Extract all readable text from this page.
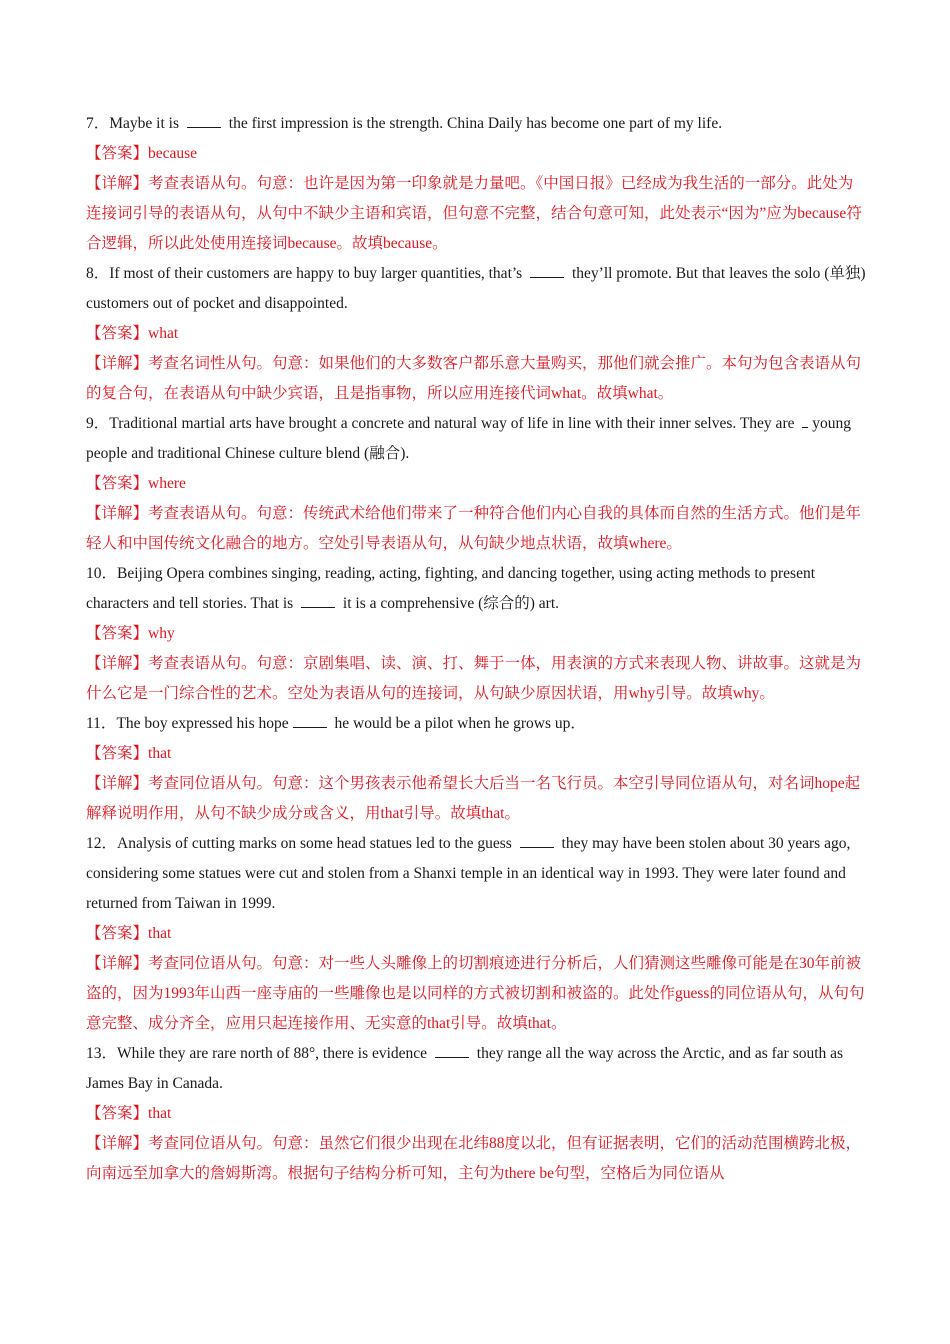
7．Maybe it is	the first impression is the strength. China Daily has become one part of my life.

【答案】because

【详解】考查表语从句。句意：也许是因为第一印象就是力量吧。《中国日报》已经成为我生活的一部分。此处为连接词引导的表语从句，从句中不缺少主语和宾语，但句意不完整，结合句意可知，此处表示“因为”应为because符合逻辑，所以此处使用连接词because。故填because。

8．If most of their customers are happy to buy larger quantities, that’s	they’ll promote. But that leaves the solo (单独) customers out of pocket and disappointed.

【答案】what

【详解】考查名词性从句。句意：如果他们的大多数客户都乐意大量购买，那他们就会推广。本句为包含表语从句的复合句，在表语从句中缺少宾语，且是指事物，所以应用连接代词what。故填what。

9．Traditional martial arts have brought a concrete and natural way of life in line with their inner selves. They are  young people and traditional Chinese culture blend (融合).

【答案】where

【详解】考查表语从句。句意：传统武术给他们带来了一种符合他们内心自我的具体而自然的生活方式。他们是年轻人和中国传统文化融合的地方。空处引导表语从句，从句缺少地点状语，故填where。

10．Beijing Opera combines singing, reading, acting, fighting, and dancing together, using acting methods to present characters and tell stories. That is	it is a comprehensive (综合的) art.

【答案】why

【详解】考查表语从句。句意：京剧集唱、读、演、打、舞于一体，用表演的方式来表现人物、讲故事。这就是为什么它是一门综合性的艺术。空处为表语从句的连接词，从句缺少原因状语，用why引导。故填why。

11．The boy expressed his hope	he would be a pilot when he grows up．

【答案】that

【详解】考查同位语从句。句意：这个男孩表示他希望长大后当一名飞行员。本空引导同位语从句，对名词hope起解释说明作用，从句不缺少成分或含义，用that引导。故填that。

12．Analysis of cutting marks on some head statues led to the guess	they may have been stolen about 30 years ago, considering some statues were cut and stolen from a Shanxi temple in an identical way in 1993. They were later found and returned from Taiwan in 1999.

【答案】that

【详解】考查同位语从句。句意：对一些人头雕像上的切割痕迹进行分析后，人们猜测这些雕像可能是在30年前被盗的，因为1993年山西一座寺庙的一些雕像也是以同样的方式被切割和被盗的。此处作guess的同位语从句，从句句意完整、成分齐全，应用只起连接作用、无实意的that引导。故填that。

13．While they are rare north of 88°, there is evidence	they range all the way across the Arctic, and as far south as James Bay in Canada.

【答案】that

【详解】考查同位语从句。句意：虽然它们很少出现在北纬88度以北，但有证据表明，它们的活动范围横跨北极，向南远至加拿大的詹姆斯湾。根据句子结构分析可知，主句为there be句型，空格后为同位语从
